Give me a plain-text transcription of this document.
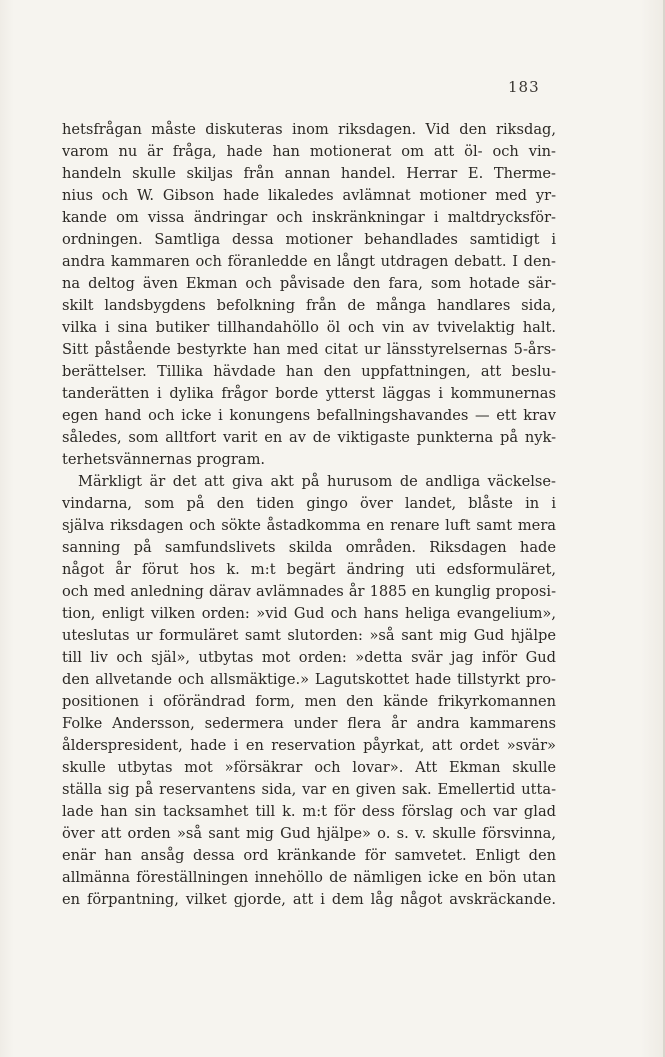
183
hetsfrågan måste diskuteras inom riksdagen. Vid den riksdag,
varom nu är fråga, hade han motionerat om att öl- och vin-
handeln skulle skiljas från annan handel. Herrar E. Therme-
nius och W. Gibson hade likaledes avlämnat motioner med yr-
kande om vissa ändringar och inskränkningar i maltdrycksför-
ordningen. Samtliga dessa motioner behandlades samtidigt i
andra kammaren och föranledde en långt utdragen debatt. I den-
na deltog även Ekman och påvisade den fara, som hotade sär-
skilt landsbygdens befolkning från de många handlares sida,
vilka i sina butiker tillhandahöllo öl och vin av tvivelaktig halt.
Sitt påstående bestyrkte han med citat ur länsstyrelsernas 5-års-
berättelser. Tillika hävdade han den uppfattningen, att beslu-
tanderätten i dylika frågor borde ytterst läggas i kommunernas
egen hand och icke i konungens befallningshavandes — ett krav
således, som alltfort varit en av de viktigaste punkterna på nyk-
terhetsvännernas program.
Märkligt är det att giva akt på hurusom de andliga väckelse-
vindarna, som på den tiden gingo över landet, blåste in i
själva riksdagen och sökte åstadkomma en renare luft samt mera
sanning på samfundslivets skilda områden. Riksdagen hade
något år förut hos k. m:t begärt ändring uti edsformuläret,
och med anledning därav avlämnades år 1885 en kunglig proposi-
tion, enligt vilken orden: »vid Gud och hans heliga evangelium»,
uteslutas ur formuläret samt slutorden: »så sant mig Gud hjälpe
till liv och själ», utbytas mot orden: »detta svär jag inför Gud
den allvetande och allsmäktige.» Lagutskottet hade tillstyrkt pro-
positionen i oförändrad form, men den kände frikyrkomannen
Folke Andersson, sedermera under flera år andra kammarens
ålderspresident, hade i en reservation påyrkat, att ordet »svär»
skulle utbytas mot »försäkrar och lovar». Att Ekman skulle
ställa sig på reservantens sida, var en given sak. Emellertid utta-
lade han sin tacksamhet till k. m:t för dess förslag och var glad
över att orden »så sant mig Gud hjälpe» o. s. v. skulle försvinna,
enär han ansåg dessa ord kränkande för samvetet. Enligt den
allmänna föreställningen innehöllo de nämligen icke en bön utan
en förpantning, vilket gjorde, att i dem låg något avskräckande.
